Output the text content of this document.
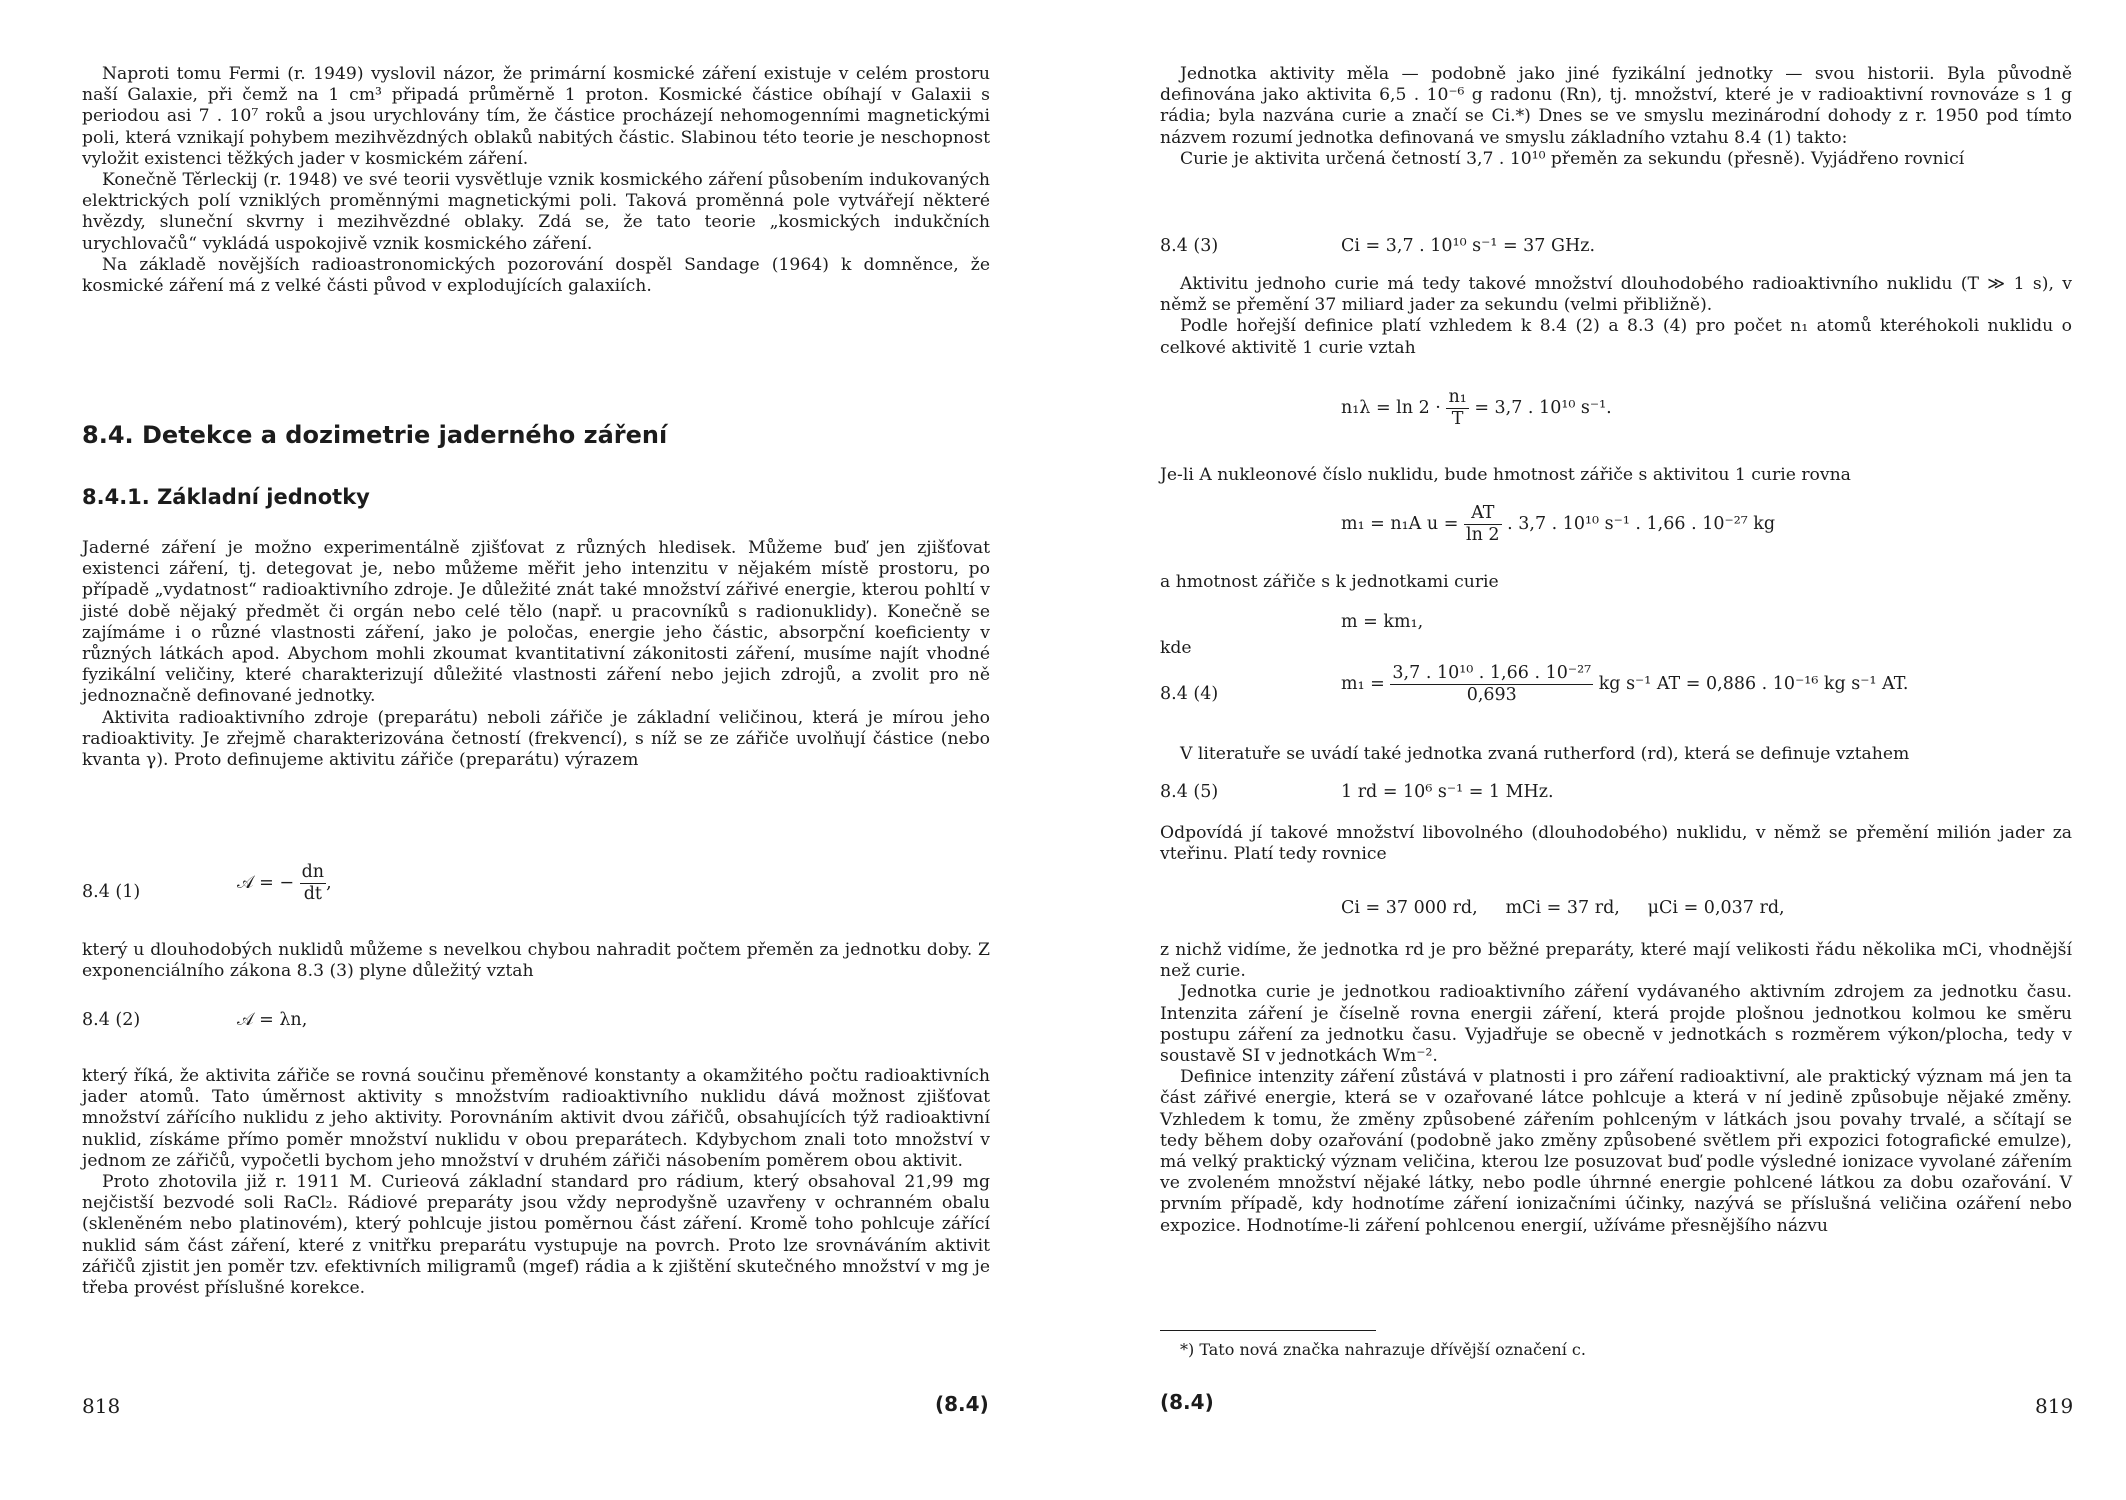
Naproti tomu Fermi (r. 1949) vyslovil názor, že primární kosmické záření existuje v celém prostoru naší Galaxie, při čemž na 1 cm³ připadá průměrně 1 proton. Kosmické částice obíhají v Galaxii s periodou asi 7 . 10⁷ roků a jsou urychlovány tím, že částice procházejí nehomogenními magnetickými poli, která vznikají pohybem mezihvězdných oblaků nabitých částic. Slabinou této teorie je neschopnost vyložit existenci těžkých jader v kosmickém záření.

Konečně Těrleckij (r. 1948) ve své teorii vysvětluje vznik kosmického záření působením indukovaných elektrických polí vzniklých proměnnými magnetickými poli. Taková proměnná pole vytvářejí některé hvězdy, sluneční skvrny i mezihvězdné oblaky. Zdá se, že tato teorie „kosmických indukčních urychlovačů“ vykládá uspokojivě vznik kosmického záření.

Na základě novějších radioastronomických pozorování dospěl Sandage (1964) k domněnce, že kosmické záření má z velké části původ v explodujících galaxiích.

8.4. Detekce a dozimetrie jaderného záření
8.4.1. Základní jednotky

Jaderné záření je možno experimentálně zjišťovat z různých hledisek. Můžeme buď jen zjišťovat existenci záření, tj. detegovat je, nebo můžeme měřit jeho intenzitu v nějakém místě prostoru, po případě „vydatnost“ radioaktivního zdroje. Je důležité znát také množství zářivé energie, kterou pohltí v jisté době nějaký předmět či orgán nebo celé tělo (např. u pracovníků s radionuklidy). Konečně se zajímáme i o různé vlastnosti záření, jako je poločas, energie jeho částic, absorpční koeficienty v různých látkách apod. Abychom mohli zkoumat kvantitativní zákonitosti záření, musíme najít vhodné fyzikální veličiny, které charakterizují důležité vlastnosti záření nebo jejich zdrojů, a zvolit pro ně jednoznačně definované jednotky.

Aktivita radioaktivního zdroje (preparátu) neboli zářiče je základní veličinou, která je mírou jeho radioaktivity. Je zřejmě charakterizována četností (frekvencí), s níž se ze zářiče uvolňují částice (nebo kvanta γ). Proto definujeme aktivitu zářiče (preparátu) výrazem

8.4 (1)	𝒜 = − $\frac{dn}{dt}$ ,

který u dlouhodobých nuklidů můžeme s nevelkou chybou nahradit počtem přeměn za jednotku doby. Z exponenciálního zákona 8.3 (3) plyne důležitý vztah

8.4 (2)	𝒜 = λn,

který říká, že aktivita zářiče se rovná součinu přeměnové konstanty a okamžitého počtu radioaktivních jader atomů. Tato úměrnost aktivity s množstvím radioaktivního nuklidu dává možnost zjišťovat množství zářícího nuklidu z jeho aktivity. Porovnáním aktivit dvou zářičů, obsahujících týž radioaktivní nuklid, získáme přímo poměr množství nuklidu v obou preparátech. Kdybychom znali toto množství v jednom ze zářičů, vypočetli bychom jeho množství v druhém zářiči násobením poměrem obou aktivit.

Proto zhotovila již r. 1911 M. Curieová základní standard pro rádium, který obsahoval 21,99 mg nejčistší bezvodé soli RaCl₂. Rádiové preparáty jsou vždy neprodyšně uzavřeny v ochranném obalu (skleněném nebo platinovém), který pohlcuje jistou poměrnou část záření. Kromě toho pohlcuje zářící nuklid sám část záření, které z vnitřku preparátu vystupuje na povrch. Proto lze srovnáváním aktivit zářičů zjistit jen poměr tzv. efektivních miligramů (mgef) rádia a k zjištění skutečného množství v mg je třeba provést příslušné korekce.

818	(8.4)

Jednotka aktivity měla — podobně jako jiné fyzikální jednotky — svou historii. Byla původně definována jako aktivita 6,5 . 10⁻⁶ g radonu (Rn), tj. množství, které je v radioaktivní rovnováze s 1 g rádia; byla nazvána curie a značí se Ci.*) Dnes se ve smyslu mezinárodní dohody z r. 1950 pod tímto názvem rozumí jednotka definovaná ve smyslu základního vztahu 8.4 (1) takto:

Curie je aktivita určená četností 3,7 . 10¹⁰ přeměn za sekundu (přesně). Vyjádřeno rovnicí

8.4 (3)	Ci = 3,7 . 10¹⁰ s⁻¹ = 37 GHz.

Aktivitu jednoho curie má tedy takové množství dlouhodobého radioaktivního nuklidu (T ≫ 1 s), v němž se přemění 37 miliard jader za sekundu (velmi přibližně).

Podle hořejší definice platí vzhledem k 8.4 (2) a 8.3 (4) pro počet n₁ atomů kteréhokoli nuklidu o celkové aktivitě 1 curie vztah

$n_1\lambda = \ln 2 \cdot \frac{\text{n₁}}{T} = 3,7$ . 10¹⁰ s⁻¹.

Je-li A nukleonové číslo nuklidu, bude hmotnost zářiče s aktivitou 1 curie rovna

m₁ = n₁A $u = \frac{AT}{\ln 2}$ . 3,7 . 10¹⁰ s⁻¹ . 1,66 . 10⁻²⁷ kg

a hmotnost zářiče s k jednotkami curie

m = km₁,

kde

8.4 (4)	$m_1 = \frac{\text{3,7 . 10¹⁰ . 1,66 . 10⁻²⁷}}{0,693}$ kg s⁻¹ AT = 0,886 . 10⁻¹⁶ kg s⁻¹ AT.

V literatuře se uvádí také jednotka zvaná rutherford (rd), která se definuje vztahem

8.4 (5)	1 rd = 10⁶ s⁻¹ = 1 MHz.

Odpovídá jí takové množství libovolného (dlouhodobého) nuklidu, v němž se přemění milión jader za vteřinu. Platí tedy rovnice

Ci = 37 000 rd,     mCi = 37 rd,     μCi = 0,037 rd,

z nichž vidíme, že jednotka rd je pro běžné preparáty, které mají velikosti řádu několika mCi, vhodnější než curie.

Jednotka curie je jednotkou radioaktivního záření vydávaného aktivním zdrojem za jednotku času. Intenzita záření je číselně rovna energii záření, která projde plošnou jednotkou kolmou ke směru postupu záření za jednotku času. Vyjadřuje se obecně v jednotkách s rozměrem výkon/plocha, tedy v soustavě SI v jednotkách Wm⁻².

Definice intenzity záření zůstává v platnosti i pro záření radioaktivní, ale praktický význam má jen ta část zářivé energie, která se v ozařované látce pohlcuje a která v ní jedině způsobuje nějaké změny. Vzhledem k tomu, že změny způsobené zářením pohlceným v látkách jsou povahy trvalé, a sčítají se tedy během doby ozařování (podobně jako změny způsobené světlem při expozici fotografické emulze), má velký praktický význam veličina, kterou lze posuzovat buď podle výsledné ionizace vyvolané zářením ve zvoleném množství nějaké látky, nebo podle úhrnné energie pohlcené látkou za dobu ozařování. V prvním případě, kdy hodnotíme záření ionizačními účinky, nazývá se příslušná veličina ozáření nebo expozice. Hodnotíme-li záření pohlcenou energií, užíváme přesnějšího názvu

*) Tato nová značka nahrazuje dřívější označení c.
(8.4)	819
